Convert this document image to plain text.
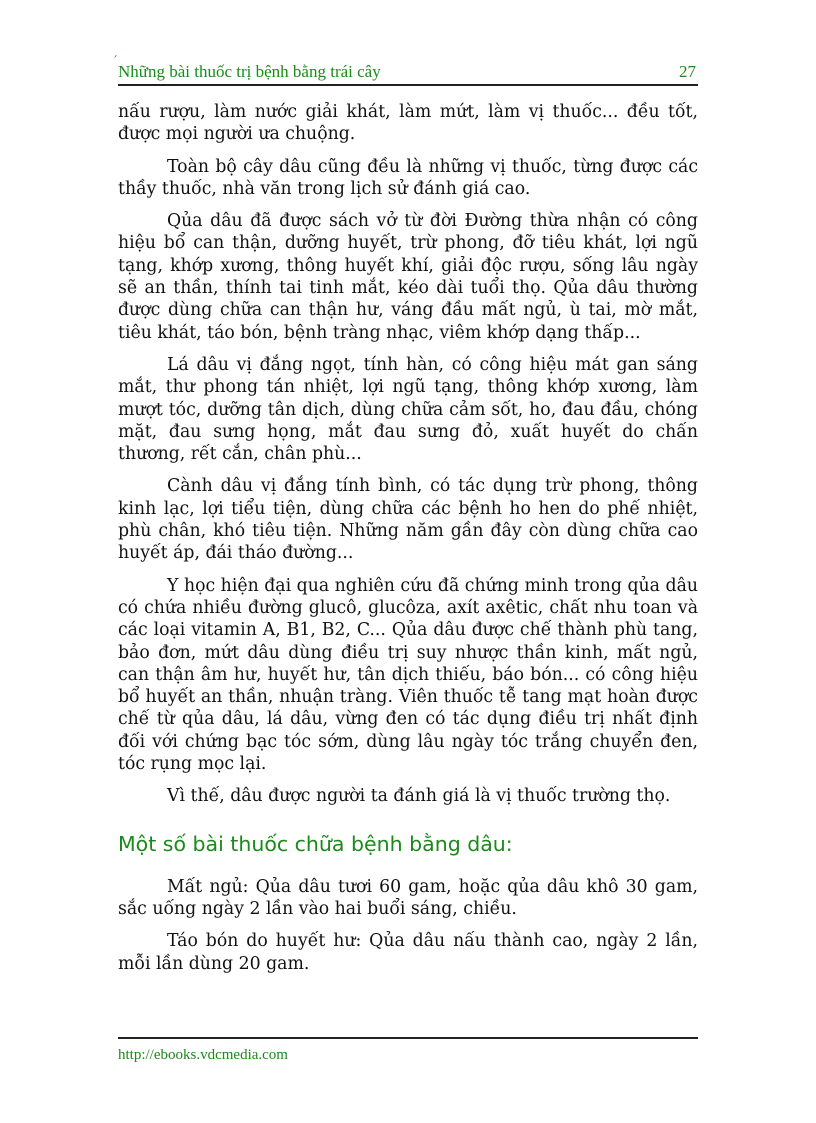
´
Những bài thuốc trị bệnh bằng trái cây	27

nấu rượu, làm nước giải khát, làm mứt, làm vị thuốc... đều tốt, được mọi người ưa chuộng.

Toàn bộ cây dâu cũng đều là những vị thuốc, từng được các thầy thuốc, nhà văn trong lịch sử đánh giá cao.

Qủa dâu đã được sách vở từ đời Đường thừa nhận có công hiệu bổ can thận, dưỡng huyết, trừ phong, đỡ tiêu khát, lợi ngũ tạng, khớp xương, thông huyết khí, giải độc rượu, sống lâu ngày sẽ an thần, thính tai tinh mắt, kéo dài tuổi thọ. Qủa dâu thường được dùng chữa can thận hư, váng đầu mất ngủ, ù tai, mờ mắt, tiêu khát, táo bón, bệnh tràng nhạc, viêm khớp dạng thấp...

Lá dâu vị đắng ngọt, tính hàn, có công hiệu mát gan sáng mắt, thư phong tán nhiệt, lợi ngũ tạng, thông khớp xương, làm mượt tóc, dưỡng tân dịch, dùng chữa cảm sốt, ho, đau đầu, chóng mặt, đau sưng họng, mắt đau sưng đỏ, xuất huyết do chấn thương, rết cắn, chân phù...

Cành dâu vị đắng tính bình, có tác dụng trừ phong, thông kinh lạc, lợi tiểu tiện, dùng chữa các bệnh ho hen do phế nhiệt, phù chân, khó tiêu tiện. Những năm gần đây còn dùng chữa cao huyết áp, đái tháo đường...

Y học hiện đại qua nghiên cứu đã chứng minh trong qủa dâu có chứa nhiều đường glucô, glucôza, axít axêtic, chất nhu toan và các loại vitamin A, B1, B2, C... Qủa dâu được chế thành phù tang, bảo đơn, mứt dâu dùng điều trị suy nhược thần kinh, mất ngủ, can thận âm hư, huyết hư, tân dịch thiếu, báo bón... có công hiệu bổ huyết an thần, nhuận tràng. Viên thuốc tễ tang mạt hoàn được chế từ qủa dâu, lá dâu, vừng đen có tác dụng điều trị nhất định đối với chứng bạc tóc sớm, dùng lâu ngày tóc trắng chuyển đen, tóc rụng mọc lại.

Vì thế, dâu được người ta đánh giá là vị thuốc trường thọ.

Một số bài thuốc chữa bệnh bằng dâu:

Mất ngủ: Qủa dâu tươi 60 gam, hoặc qủa dâu khô 30 gam, sắc uống ngày 2 lần vào hai buổi sáng, chiều.

Táo bón do huyết hư: Qủa dâu nấu thành cao, ngày 2 lần, mỗi lần dùng 20 gam.

http://ebooks.vdcmedia.com
